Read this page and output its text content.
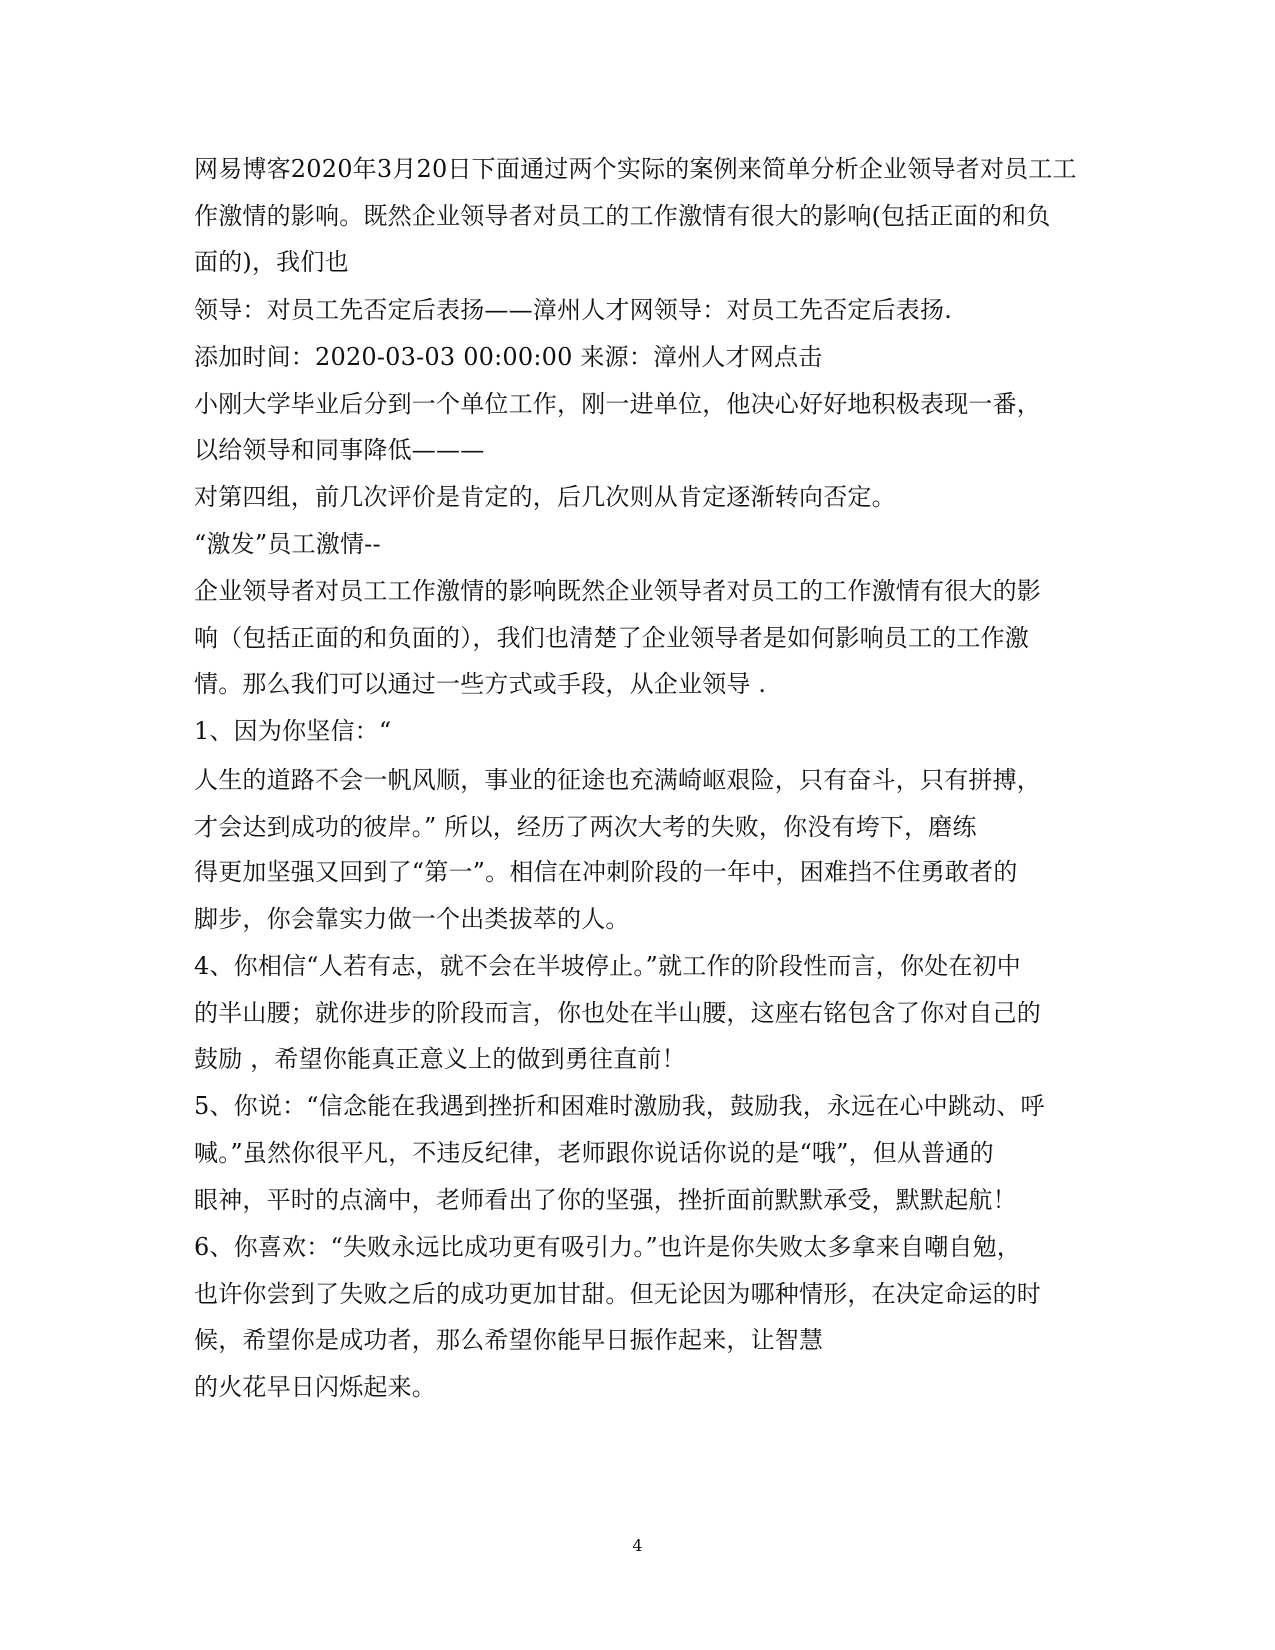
网易博客2020年3月20日下面通过两个实际的案例来简单分析企业领导者对员工工
作激情的影响。既然企业领导者对员工的工作激情有很大的影响(包括正面的和负
面的)，我们也
领导：对员工先否定后表扬——漳州人才网领导：对员工先否定后表扬.
添加时间：2020-03-03 00:00:00 来源：漳州人才网点击
小刚大学毕业后分到一个单位工作，刚一进单位，他决心好好地积极表现一番，
以给领导和同事降低———
对第四组，前几次评价是肯定的，后几次则从肯定逐渐转向否定。
“激发”员工激情--
企业领导者对员工工作激情的影响既然企业领导者对员工的工作激情有很大的影
响（包括正面的和负面的），我们也清楚了企业领导者是如何影响员工的工作激
情。那么我们可以通过一些方式或手段，从企业领导 .
1、因为你坚信：“
人生的道路不会一帆风顺，事业的征途也充满崎岖艰险，只有奋斗，只有拼搏，
才会达到成功的彼岸。” 所以，经历了两次大考的失败，你没有垮下，磨练
得更加坚强又回到了“第一”。相信在冲刺阶段的一年中，困难挡不住勇敢者的
脚步，你会靠实力做一个出类拔萃的人。
4、你相信“人若有志，就不会在半坡停止。”就工作的阶段性而言，你处在初中
的半山腰；就你进步的阶段而言，你也处在半山腰，这座右铭包含了你对自己的
鼓励 ，希望你能真正意义上的做到勇往直前！
5、你说：“信念能在我遇到挫折和困难时激励我，鼓励我，永远在心中跳动、呼
喊。”虽然你很平凡，不违反纪律，老师跟你说话你说的是“哦”，但从普通的
眼神，平时的点滴中，老师看出了你的坚强，挫折面前默默承受，默默起航！
6、你喜欢：“失败永远比成功更有吸引力。”也许是你失败太多拿来自嘲自勉，
也许你尝到了失败之后的成功更加甘甜。但无论因为哪种情形，在决定命运的时
候，希望你是成功者，那么希望你能早日振作起来，让智慧
的火花早日闪烁起来。
4
